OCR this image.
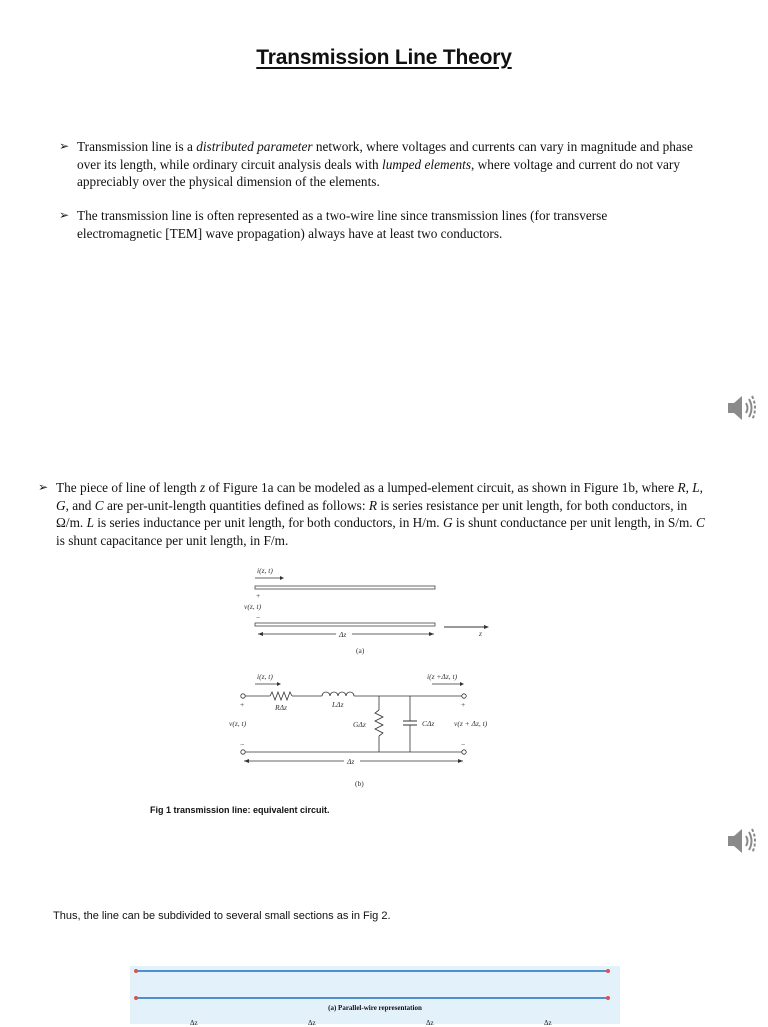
Transmission Line Theory
➢ Transmission line is a distributed parameter network, where voltages and currents can vary in magnitude and phase over its length, while ordinary circuit analysis deals with lumped elements, where voltage and current do not vary appreciably over the physical dimension of the elements.
➢ The transmission line is often represented as a two-wire line since transmission lines (for transverse electromagnetic [TEM] wave propagation) always have at least two conductors.
➢ The piece of line of length z of Figure 1a can be modeled as a lumped-element circuit, as shown in Figure 1b, where R, L, G, and C are per-unit-length quantities defined as follows: R is series resistance per unit length, for both conductors, in Ω/m. L is series inductance per unit length, for both conductors, in H/m. G is shunt conductance per unit length, in S/m. C is shunt capacitance per unit length, in F/m.
i(z, t)
+
v(z, t)
−
Δz	z
(a)
i(z, t)	i(z +Δz, t)
RΔz	LΔz
+	+
GΔz	CΔz
v(z, t)	v(z + Δz, t)
−	−
Δz
(b)
Fig 1 transmission line: equivalent circuit.
Thus, the line can be subdivided to several small sections as in Fig 2.
(a) Parallel-wire representation
Δz	Δz	Δz	Δz
